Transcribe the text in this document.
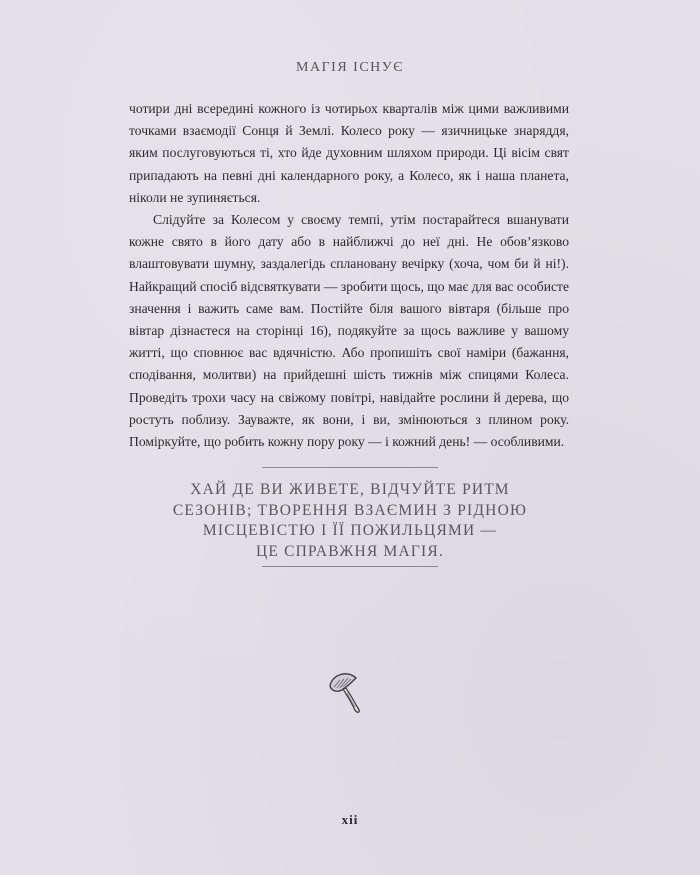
МАГІЯ ІСНУЄ

чотири дні всередині кожного із чотирьох кварталів між цими важливими точками взаємодії Сонця й Землі. Колесо року — язичницьке знаряддя, яким послуговуються ті, хто йде духовним шляхом природи. Ці вісім свят припадають на певні дні календарного року, а Колесо, як і наша планета, ніколи не зупиняється.

Слідуйте за Колесом у своєму темпі, утім постарайтеся вшанувати кожне свято в його дату або в найближчі до неї дні. Не обов’язково влаштовувати шумну, заздалегідь сплановану вечірку (хоча, чом би й ні!). Найкращий спосіб відсвяткувати — зробити щось, що має для вас особисте значення і важить саме вам. Постійте біля вашого вівтаря (більше про вівтар дізнаєтеся на сторінці 16), подякуйте за щось важливе у вашому житті, що сповнює вас вдячністю. Або пропишіть свої наміри (бажання, сподівання, молитви) на прийдешні шість тижнів між спицями Колеса. Проведіть трохи часу на свіжому повітрі, навідайте рослини й дерева, що ростуть поблизу. Зауважте, як вони, і ви, змінюються з плином року. Поміркуйте, що робить кожну пору року — і кожний день! — особливими.

ХАЙ ДЕ ВИ ЖИВЕТЕ, ВІДЧУЙТЕ РИТМ
СЕЗОНІВ; ТВОРЕННЯ ВЗАЄМИН З РІДНОЮ
МІСЦЕВІСТЮ І ЇЇ ПОЖИЛЬЦЯМИ —
ЦЕ СПРАВЖНЯ МАГІЯ.
xii
